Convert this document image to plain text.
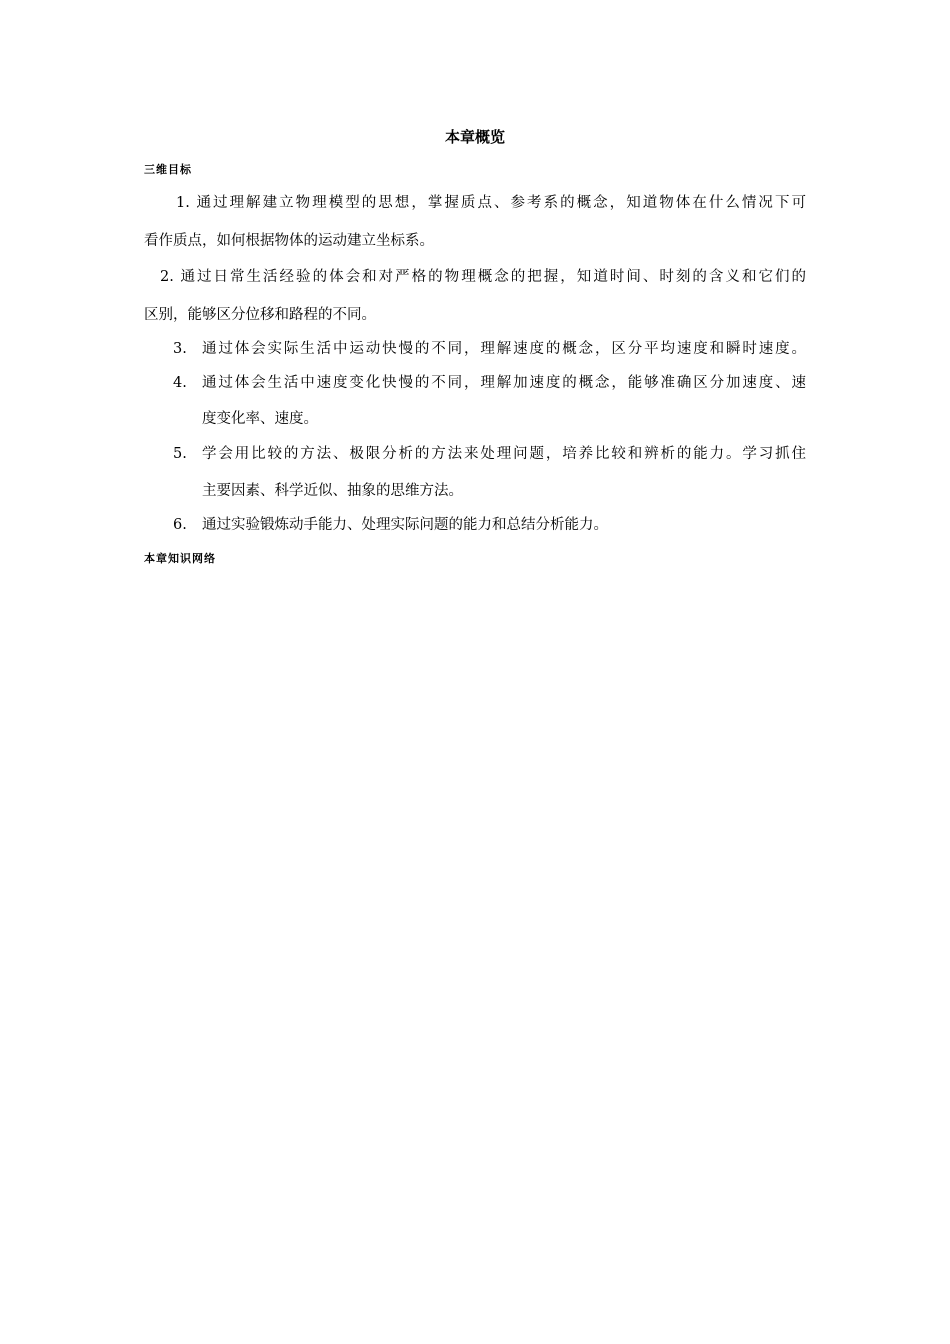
本章概览
三维目标
1. 通过理解建立物理模型的思想，掌握质点、参考系的概念，知道物体在什么情况下可
看作质点，如何根据物体的运动建立坐标系。
2. 通过日常生活经验的体会和对严格的物理概念的把握，知道时间、时刻的含义和它们的
区别，能够区分位移和路程的不同。
3. 通过体会实际生活中运动快慢的不同，理解速度的概念，区分平均速度和瞬时速度。
4. 通过体会生活中速度变化快慢的不同，理解加速度的概念，能够准确区分加速度、速
度变化率、速度。
5. 学会用比较的方法、极限分析的方法来处理问题，培养比较和辨析的能力。学习抓住
主要因素、科学近似、抽象的思维方法。
6. 通过实验锻炼动手能力、处理实际问题的能力和总结分析能力。
本章知识网络
